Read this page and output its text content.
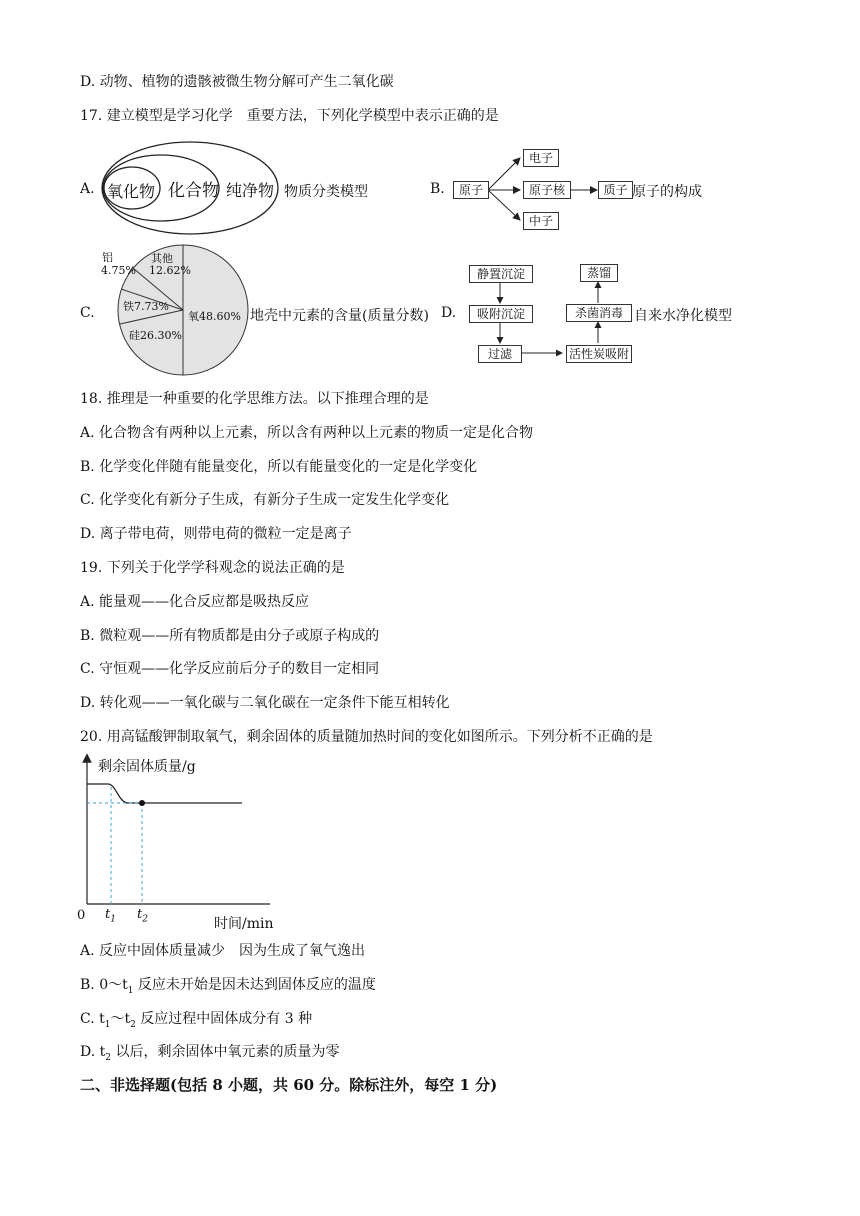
D. 动物、植物的遗骸被微生物分解可产生二氧化碳
17. 建立模型是学习化学　重要方法，下列化学模型中表示正确的是
A. 氧化物 化合物 纯净物 物质分类模型	B.	原子
电子
原子核
中子
质子 原子的构成
C.
铝
4.75%
其他
12.62%
铁7.73%
硅26.30%
氧48.60% 地壳中元素的含量(质量分数) D.
静置沉淀
吸附沉淀
过滤	活性炭吸附
杀菌消毒
蒸馏
自来水净化模型
18. 推理是一种重要的化学思维方法。以下推理合理的是
A. 化合物含有两种以上元素，所以含有两种以上元素的物质一定是化合物
B. 化学变化伴随有能量变化，所以有能量变化的一定是化学变化
C. 化学变化有新分子生成，有新分子生成一定发生化学变化
D. 离子带电荷，则带电荷的微粒一定是离子
19. 下列关于化学学科观念的说法正确的是
A. 能量观——化合反应都是吸热反应
B. 微粒观——所有物质都是由分子或原子构成的
C. 守恒观——化学反应前后分子的数目一定相同
D. 转化观——一氧化碳与二氧化碳在一定条件下能互相转化
20. 用高锰酸钾制取氧气，剩余固体的质量随加热时间的变化如图所示。下列分析不正确的是
剩余固体质量/g
0 $t_1$ $t_2$	时间/min
A. 反应中固体质量减少　因为生成了氧气逸出
B. $0\sim t_1$ 反应未开始是因未达到固体反应的温度
C. $t_1\sim t_2$ 反应过程中固体成分有 3 种
D. $t_2$ 以后，剩余固体中氧元素的质量为零
二、非选择题(包括 8 小题，共 60 分。除标注外，每空 1 分)
